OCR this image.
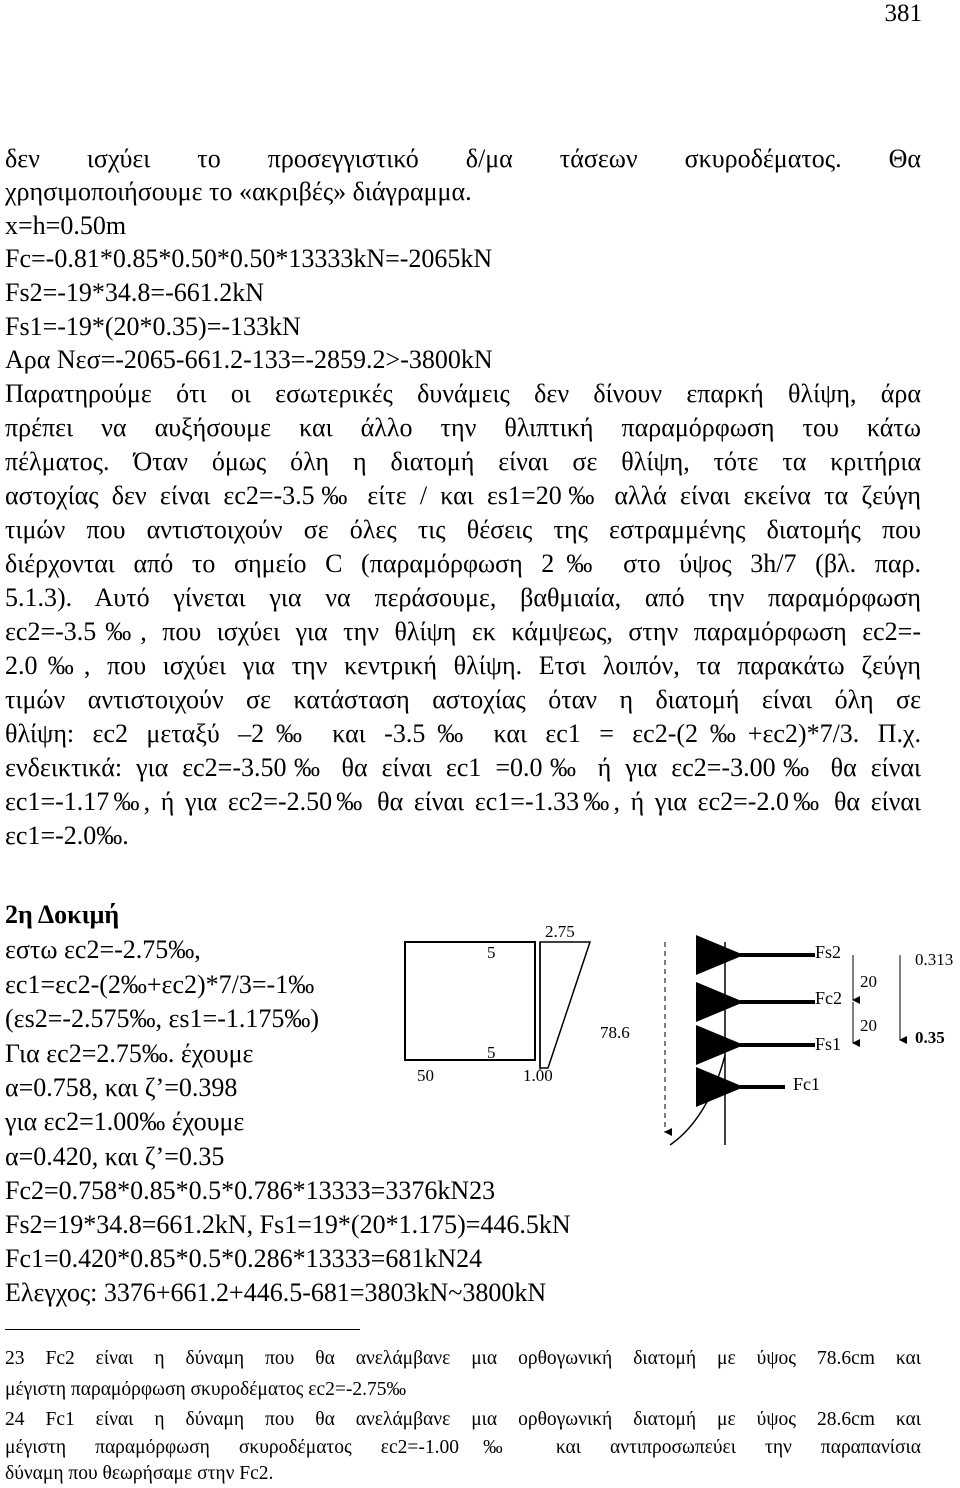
381
δεν ισχύει το προσεγγιστικό δ/μα τάσεων σκυροδέματος. Θα
χρησιμοποιήσουμε το «ακριβές» διάγραμμα.
x=h=0.50m
Fc=-0.81*0.85*0.50*0.50*13333kN=-2065kN
Fs2=-19*34.8=-661.2kN
Fs1=-19*(20*0.35)=-133kN
Αρα Nεσ=-2065-661.2-133=-2859.2>-3800kN
Παρατηρούμε ότι οι εσωτερικές δυνάμεις δεν δίνουν επαρκή θλίψη, άρα
πρέπει να αυξήσουμε και άλλο την θλιπτική παραμόρφωση του κάτω
πέλματος. Όταν όμως όλη η διατομή είναι σε θλίψη, τότε τα κριτήρια
αστοχίας δεν είναι εc2=-3.5‰ είτε / και εs1=20‰ αλλά είναι εκείνα τα ζεύγη
τιμών που αντιστοιχούν σε όλες τις θέσεις της εστραμμένης διατομής που
διέρχονται από το σημείο C (παραμόρφωση 2‰ στο ύψος 3h/7 (βλ. παρ.
5.1.3). Αυτό γίνεται για να περάσουμε, βαθμιαία, από την παραμόρφωση
εc2=-3.5‰, που ισχύει για την θλίψη εκ κάμψεως, στην παραμόρφωση εc2=-
2.0‰, που ισχύει για την κεντρική θλίψη. Ετσι λοιπόν, τα παρακάτω ζεύγη
τιμών αντιστοιχούν σε κατάσταση αστοχίας όταν η διατομή είναι όλη σε
θλίψη: εc2 μεταξύ –2‰ και -3.5‰ και εc1 = εc2-(2‰+εc2)*7/3. Π.χ.
ενδεικτικά: για εc2=-3.50‰ θα είναι εc1 =0.0‰ ή για εc2=-3.00‰ θα είναι
εc1=-1.17‰, ή για εc2=-2.50‰ θα είναι εc1=-1.33‰, ή για εc2=-2.0‰ θα είναι
εc1=-2.0‰.
2η Δοκιμή
εστω εc2=-2.75‰,
εc1=εc2-(2‰+εc2)*7/3=-1‰
(εs2=-2.575‰, εs1=-1.175‰)
Για εc2=2.75‰. έχουμε
α=0.758, και ζ’=0.398
για εc2=1.00‰ έχουμε
α=0.420, και ζ’=0.35
Fc2=0.758*0.85*0.5*0.786*13333=3376kN23
Fs2=19*34.8=661.2kN, Fs1=19*(20*1.175)=446.5kN
Fc1=0.420*0.85*0.5*0.286*13333=681kN24
Ελεγχος: 3376+661.2+446.5-681=3803kN~3800kN
2.75
1.00
5
5
50
78.6
Fs2
Fc2
Fs1
Fc1
20
20
0.313
0.35
23 Fc2 είναι η δύναμη που θα ανελάμβανε μια ορθογωνική διατομή με ύψος 78.6cm και
μέγιστη παραμόρφωση σκυροδέματος εc2=-2.75‰
24 Fc1 είναι η δύναμη που θα ανελάμβανε μια ορθογωνική διατομή με ύψος 28.6cm και
μέγιστη παραμόρφωση σκυροδέματος εc2=-1.00‰ και αντιπροσωπεύει την παραπανίσια
δύναμη που θεωρήσαμε στην Fc2.
